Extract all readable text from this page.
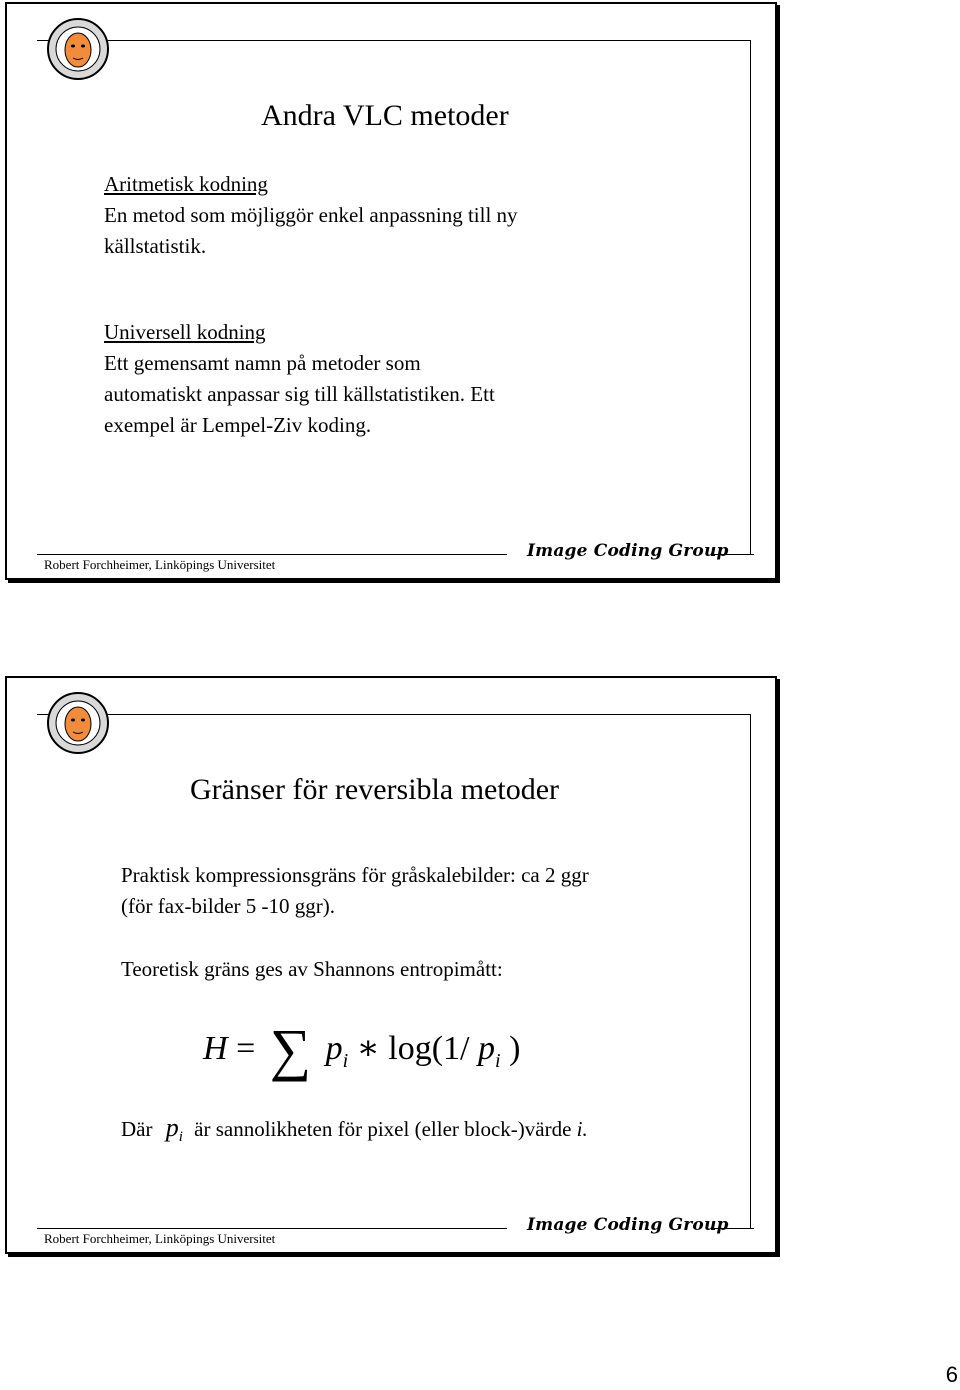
Andra VLC metoder
Aritmetisk kodning
En metod som möjliggör enkel anpassning till ny
källstatistik.
Universell kodning
Ett gemensamt namn på metoder som
automatiskt anpassar sig till källstatistiken. Ett
exempel är Lempel-Ziv koding.
Robert Forchheimer, Linköpings Universitet
Image Coding Group
Gränser för reversibla metoder
Praktisk kompressionsgräns för gråskalebilder: ca 2 ggr
(för fax-bilder 5 -10 ggr).
Teoretisk gräns ges av Shannons entropimått:
H = ∑ $p_i$ ∗ log(1/ $p_i$ )
Där $p_i$ är sannolikheten för pixel (eller block-)värde i.
Robert Forchheimer, Linköpings Universitet
Image Coding Group
6
